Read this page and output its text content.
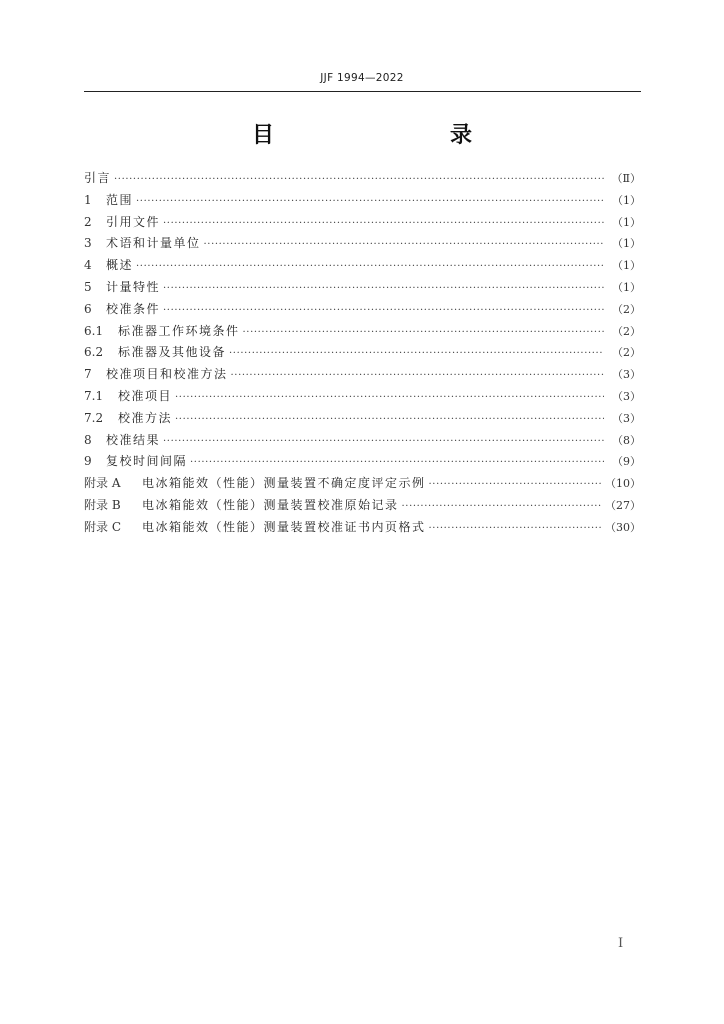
JJF 1994—2022
目　　录
引言 ·····	（Ⅱ）
1	范围 ·····	（1）
2	引用文件 ·····	（1）
3	术语和计量单位 ·····	（1）
4	概述 ·····	（1）
5	计量特性 ·····	（1）
6	校准条件 ·····	（2）
6.1	标准器工作环境条件 ·····	（2）
6.2	标准器及其他设备 ·····	（2）
7	校准项目和校准方法 ·····	（3）
7.1	校准项目 ·····	（3）
7.2	校准方法 ·····	（3）
8	校准结果 ·····	（8）
9	复校时间间隔 ·····	（9）
附录 A	电冰箱能效（性能）测量装置不确定度评定示例 ·····	（10）
附录 B	电冰箱能效（性能）测量装置校准原始记录 ·····	（27）
附录 C	电冰箱能效（性能）测量装置校准证书内页格式 ·····	（30）
Ⅰ
